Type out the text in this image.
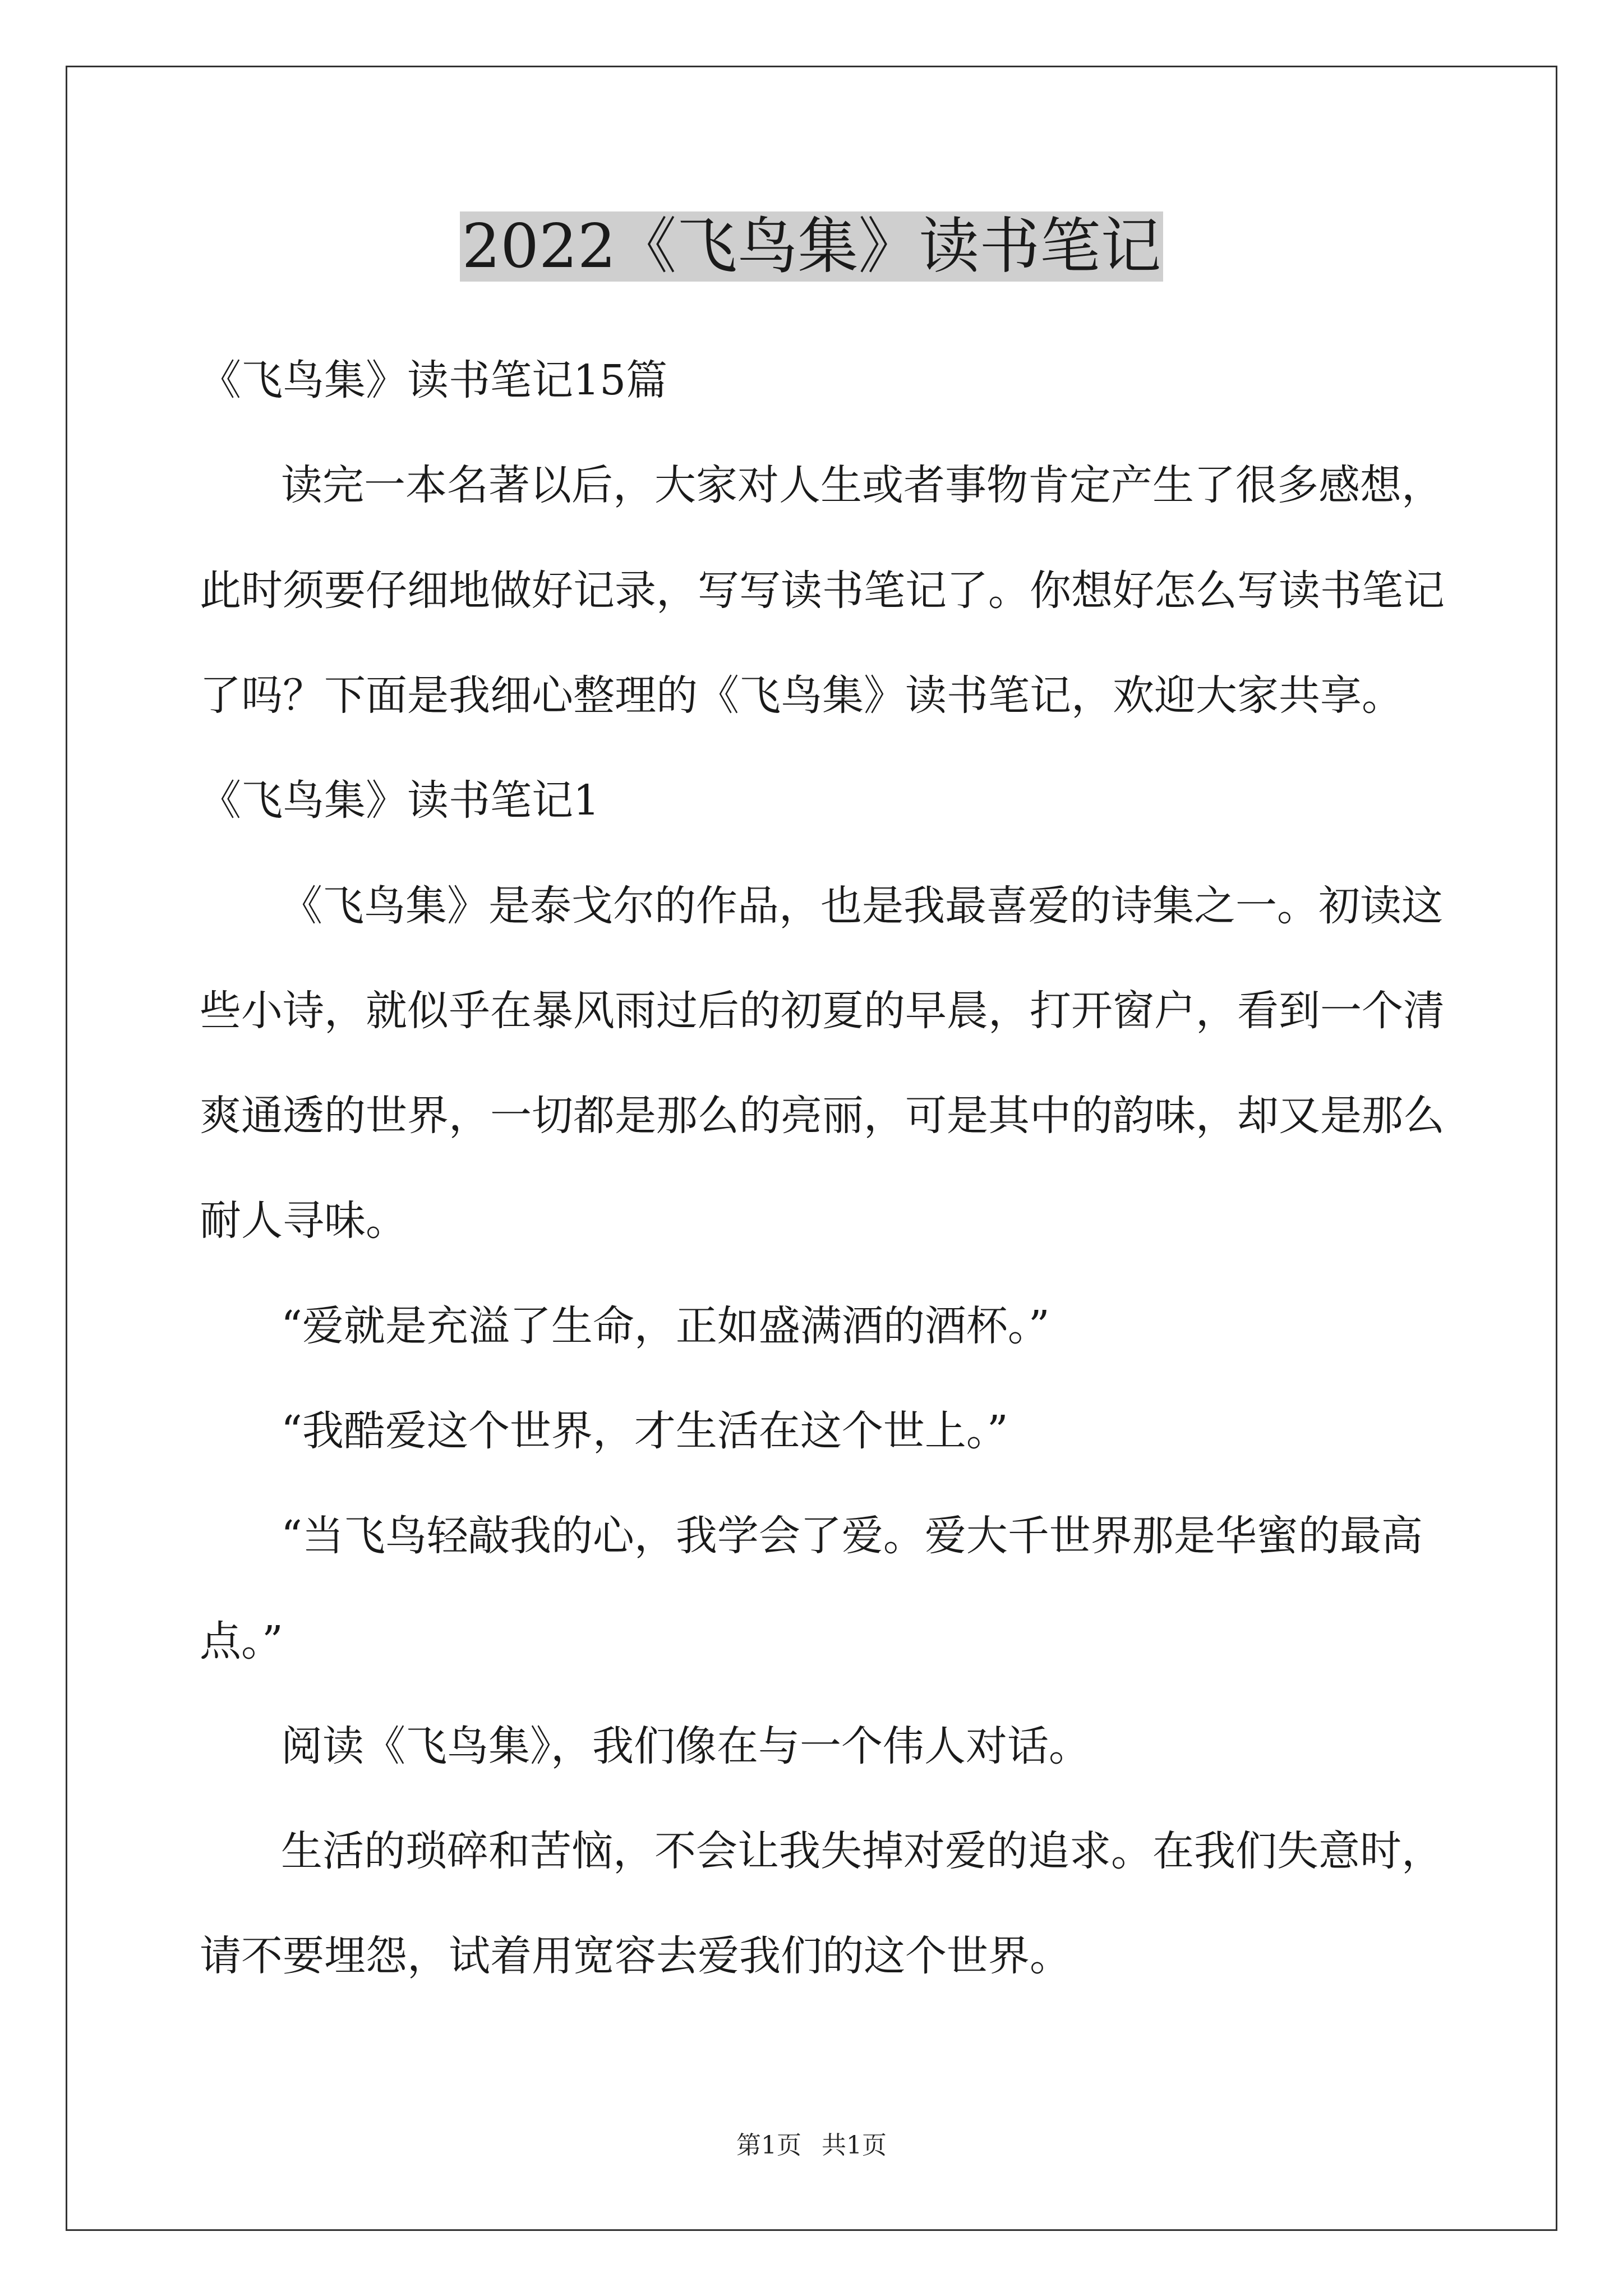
2022《飞鸟集》读书笔记
《飞鸟集》读书笔记15篇
读完一本名著以后，大家对人生或者事物肯定产生了很多感想，
此时须要仔细地做好记录，写写读书笔记了。你想好怎么写读书笔记
了吗？下面是我细心整理的《飞鸟集》读书笔记，欢迎大家共享。
《飞鸟集》读书笔记1
《飞鸟集》是泰戈尔的作品，也是我最喜爱的诗集之一。初读这
些小诗，就似乎在暴风雨过后的初夏的早晨，打开窗户，看到一个清
爽通透的世界，一切都是那么的亮丽，可是其中的韵味，却又是那么
耐人寻味。
“爱就是充溢了生命，正如盛满酒的酒杯。”
“我酷爱这个世界，才生活在这个世上。”
“当飞鸟轻敲我的心，我学会了爱。爱大千世界那是华蜜的最高
点。”
阅读《飞鸟集》，我们像在与一个伟人对话。
生活的琐碎和苦恼，不会让我失掉对爱的追求。在我们失意时，
请不要埋怨，试着用宽容去爱我们的这个世界。
第1页 共1页
